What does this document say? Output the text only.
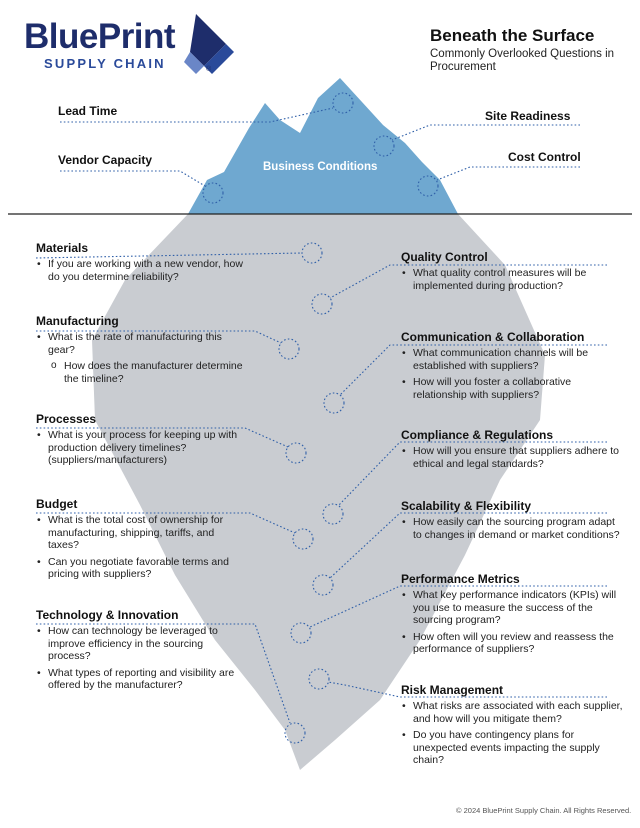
BluePrint
SUPPLY CHAIN	®
Beneath the Surface
Commonly Overlooked Questions in Procurement
Lead Time	Site Readiness
Vendor Capacity	Cost Control
Business Conditions
Materials
• If you are working with a new vendor, how do you determine reliability?
Manufacturing
• What is the rate of manufacturing this gear?
o How does the manufacturer determine the timeline?
Processes
• What is your process for keeping up with production delivery timelines? (suppliers/manufacturers)
Budget
• What is the total cost of ownership for manufacturing, shipping, tariffs, and taxes?
• Can you negotiate favorable terms and pricing with suppliers?
Technology & Innovation
• How can technology be leveraged to improve efficiency in the sourcing process?
• What types of reporting and visibility are offered by the manufacturer?
Quality Control
• What quality control measures will be implemented during production?
Communication & Collaboration
• What communication channels will be established with suppliers?
• How will you foster a collaborative relationship with suppliers?
Compliance & Regulations
• How will you ensure that suppliers adhere to ethical and legal standards?
Scalability & Flexibility
• How easily can the sourcing program adapt to changes in demand or market conditions?
Performance Metrics
• What key performance indicators (KPIs) will you use to measure the success of the sourcing program?
• How often will you review and reassess the performance of suppliers?
Risk Management
• What risks are associated with each supplier, and how will you mitigate them?
• Do you have contingency plans for unexpected events impacting the supply chain?
© 2024 BluePrint Supply Chain. All Rights Reserved.
